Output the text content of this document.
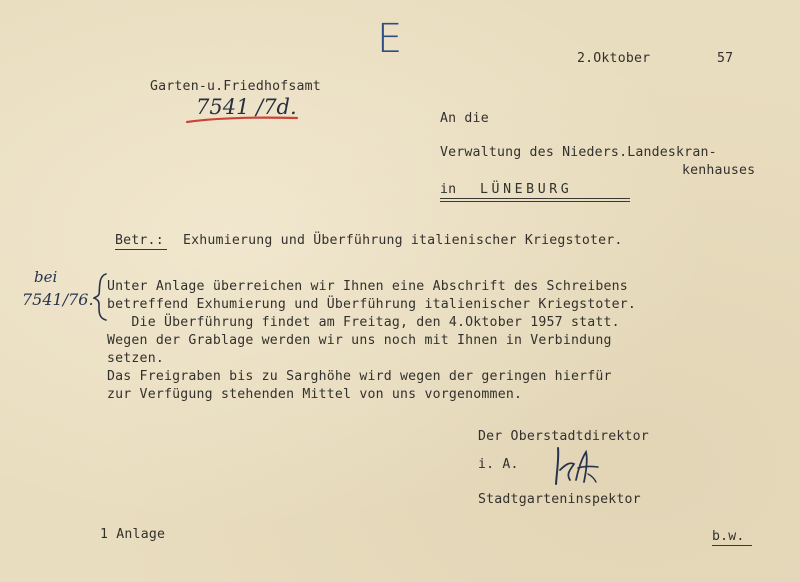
E	2.Oktober	57
Garten-u.Friedhofsamt
7541 /7d.	An die
Verwaltung des Nieders.Landeskran-
kenhauses
in LÜNEBURG
Betr.: Exhumierung und Überführung italienischer Kriegstoter.
bei
7541/76.
Unter Anlage überreichen wir Ihnen eine Abschrift des Schreibens
betreffend Exhumierung und Überführung italienischer Kriegstoter.
Die Überführung findet am Freitag, den 4.Oktober 1957 statt.
Wegen der Grablage werden wir uns noch mit Ihnen in Verbindung
setzen.
Das Freigraben bis zu Sarghöhe wird wegen der geringen hierfür
zur Verfügung stehenden Mittel von uns vorgenommen.
Der Oberstadtdirektor
i. A.
Stadtgarteninspektor
1 Anlage	b.w.
